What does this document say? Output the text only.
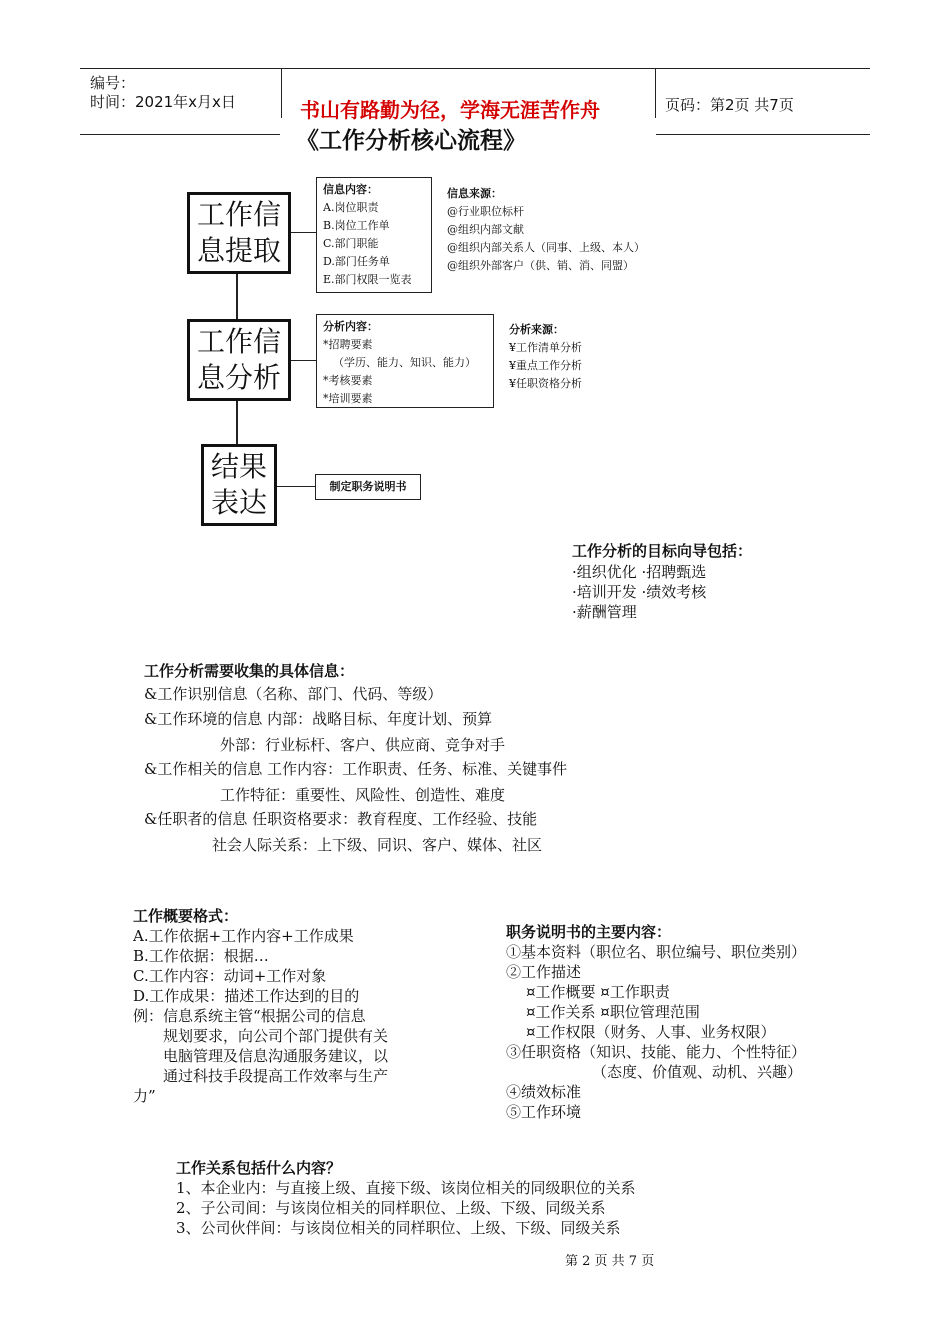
编号：
时间：2021年x月x日	书山有路勤为径，学海无涯苦作舟	页码：第2页 共7页
《工作分析核心流程》
工作信息提取
工作信息分析
结果表达
信息内容：
A.岗位职责
B.岗位工作单
C.部门职能
D.部门任务单
E.部门权限一览表
信息来源：
@行业职位标杆
@组织内部文献
@组织内部关系人（同事、上级、本人）
@组织外部客户（供、销、消、同盟）
分析内容：
*招聘要素
（学历、能力、知识、能力）
*考核要素
*培训要素
分析来源：
¥工作清单分析
¥重点工作分析
¥任职资格分析
制定职务说明书
工作分析的目标向导包括：
·组织优化 ·招聘甄选
·培训开发 ·绩效考核
·薪酬管理
工作分析需要收集的具体信息：
&工作识别信息（名称、部门、代码、等级）
&工作环境的信息 内部：战略目标、年度计划、预算
外部：行业标杆、客户、供应商、竞争对手
&工作相关的信息 工作内容：工作职责、任务、标准、关键事件
工作特征：重要性、风险性、创造性、难度
&任职者的信息 任职资格要求：教育程度、工作经验、技能
社会人际关系：上下级、同识、客户、媒体、社区
工作概要格式：
A.工作依据+工作内容+工作成果
B.工作依据：根据…
C.工作内容：动词+工作对象
D.工作成果：描述工作达到的目的
例：信息系统主管“根据公司的信息
规划要求，向公司个部门提供有关
电脑管理及信息沟通服务建议，以
通过科技手段提高工作效率与生产
力”
职务说明书的主要内容：
①基本资料（职位名、职位编号、职位类别）
②工作描述
¤工作概要 ¤工作职责
¤工作关系 ¤职位管理范围
¤工作权限（财务、人事、业务权限）
③任职资格（知识、技能、能力、个性特征）
（态度、价值观、动机、兴趣）
④绩效标准
⑤工作环境
工作关系包括什么内容？
1、本企业内：与直接上级、直接下级、该岗位相关的同级职位的关系
2、子公司间：与该岗位相关的同样职位、上级、下级、同级关系
3、公司伙伴间：与该岗位相关的同样职位、上级、下级、同级关系
第 2 页 共 7 页
